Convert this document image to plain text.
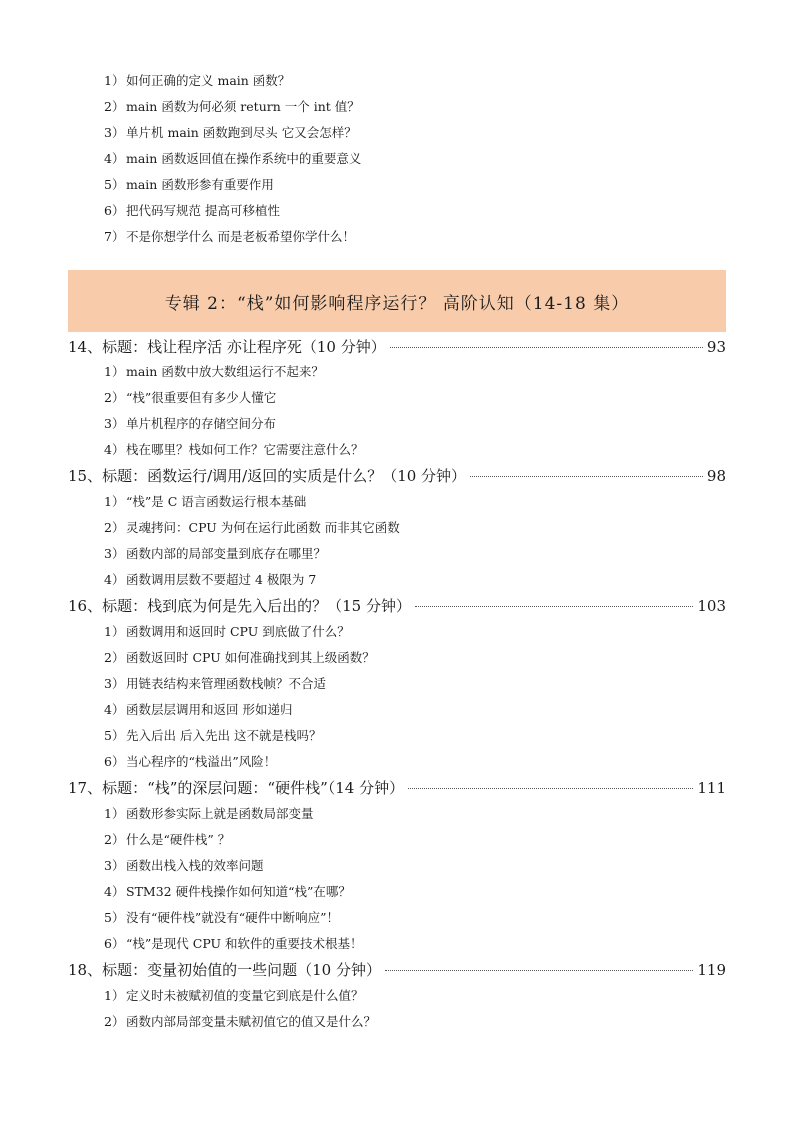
1） 如何正确的定义 main 函数？
2） main 函数为何必须 return 一个 int 值？
3） 单片机 main 函数跑到尽头 它又会怎样？
4） main 函数返回值在操作系统中的重要意义
5） main 函数形参有重要作用
6） 把代码写规范 提高可移植性
7） 不是你想学什么 而是老板希望你学什么！
专辑 2：“栈”如何影响程序运行？ 高阶认知（14-18 集）
14、标题：栈让程序活 亦让程序死（10 分钟）	93
1） main 函数中放大数组运行不起来？
2） “栈”很重要但有多少人懂它
3） 单片机程序的存储空间分布
4） 栈在哪里？栈如何工作？它需要注意什么？
15、标题：函数运行/调用/返回的实质是什么？（10 分钟）	98
1） “栈”是 C 语言函数运行根本基础
2） 灵魂拷问：CPU 为何在运行此函数 而非其它函数
3） 函数内部的局部变量到底存在哪里？
4） 函数调用层数不要超过 4 极限为 7
16、标题：栈到底为何是先入后出的？（15 分钟）	103
1） 函数调用和返回时 CPU 到底做了什么？
2） 函数返回时 CPU 如何准确找到其上级函数？
3） 用链表结构来管理函数栈帧？不合适
4） 函数层层调用和返回 形如递归
5） 先入后出 后入先出 这不就是栈吗？
6） 当心程序的“栈溢出”风险！
17、标题：“栈”的深层问题：“硬件栈”（14 分钟）	111
1） 函数形参实际上就是函数局部变量
2） 什么是“硬件栈” ？
3） 函数出栈入栈的效率问题
4） STM32 硬件栈操作如何知道“栈”在哪？
5） 没有“硬件栈”就没有“硬件中断响应”！
6） “栈”是现代 CPU 和软件的重要技术根基！
18、标题：变量初始值的一些问题（10 分钟）	119
1） 定义时未被赋初值的变量它到底是什么值？
2） 函数内部局部变量未赋初值它的值又是什么？
